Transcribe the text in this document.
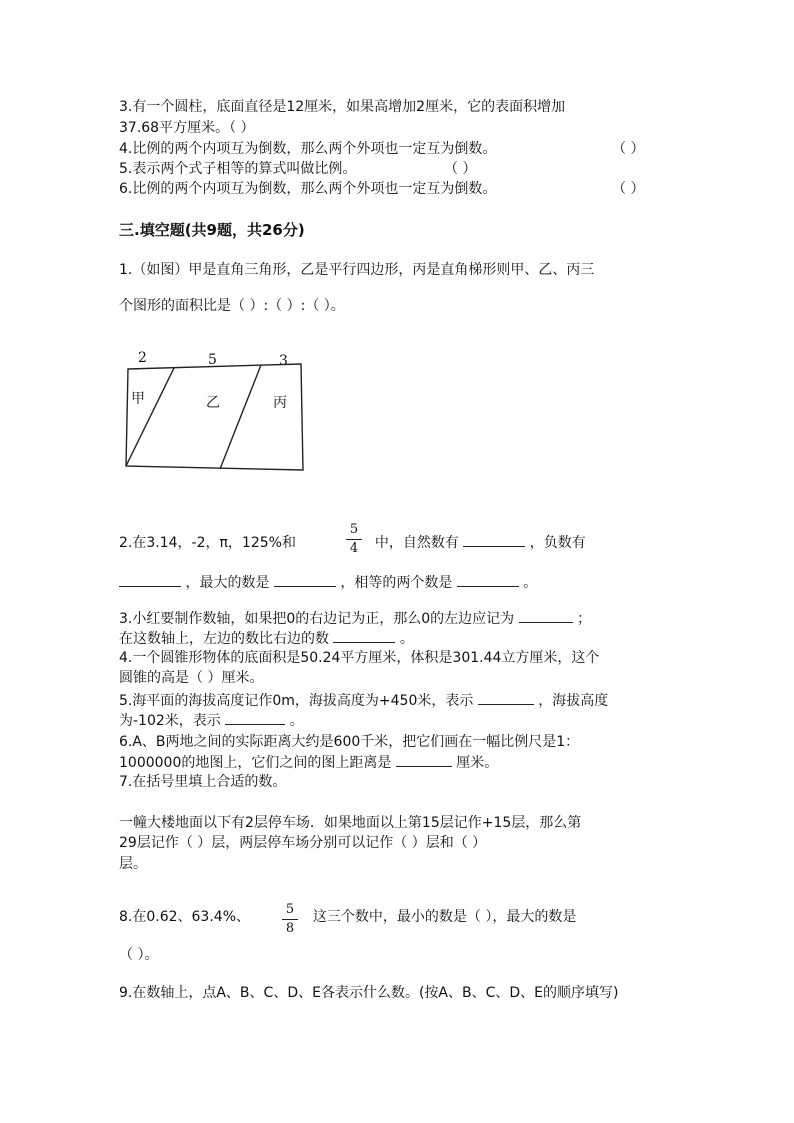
3.有一个圆柱，底面直径是12厘米，如果高增加2厘米，它的表面积增加
37.68平方厘米。（ ）
4.比例的两个内项互为倒数，那么两个外项也一定互为倒数。	（ ）
5.表示两个式子相等的算式叫做比例。	（ ）
6.比例的两个内项互为倒数，那么两个外项也一定互为倒数。	（ ）
三.填空题(共9题，共26分)
1.（如图）甲是直角三角形，乙是平行四边形，丙是直角梯形则甲、乙、丙三
个图形的面积比是（ ）:（ ）:（ ）。
2	5	3
甲	乙	丙
2.在3.14，-2，π，125%和	中，自然数有	，负数有
5
4
，最大的数是	，相等的两个数是	。
3.小红要制作数轴，如果把0的右边记为正，那么0的左边应记为	；
在这数轴上，左边的数比右边的数	。
4.一个圆锥形物体的底面积是50.24平方厘米，体积是301.44立方厘米，这个
圆锥的高是（ ）厘米。
5.海平面的海拔高度记作0m，海拔高度为+450米，表示	，海拔高度
为-102米，表示	。
6.A、B两地之间的实际距离大约是600千米，把它们画在一幅比例尺是1：
1000000的地图上，它们之间的图上距离是	厘米。
7.在括号里填上合适的数。
一幢大楼地面以下有2层停车场．如果地面以上第15层记作+15层，那么第
29层记作（ ）层，两层停车场分别可以记作（ ）层和（ ）
层。
8.在0.62、63.4%、	这三个数中，最小的数是（ ），最大的数是
5
8
（ ）。
9.在数轴上，点A、B、C、D、E各表示什么数。(按A、B、C、D、E的顺序填写)
